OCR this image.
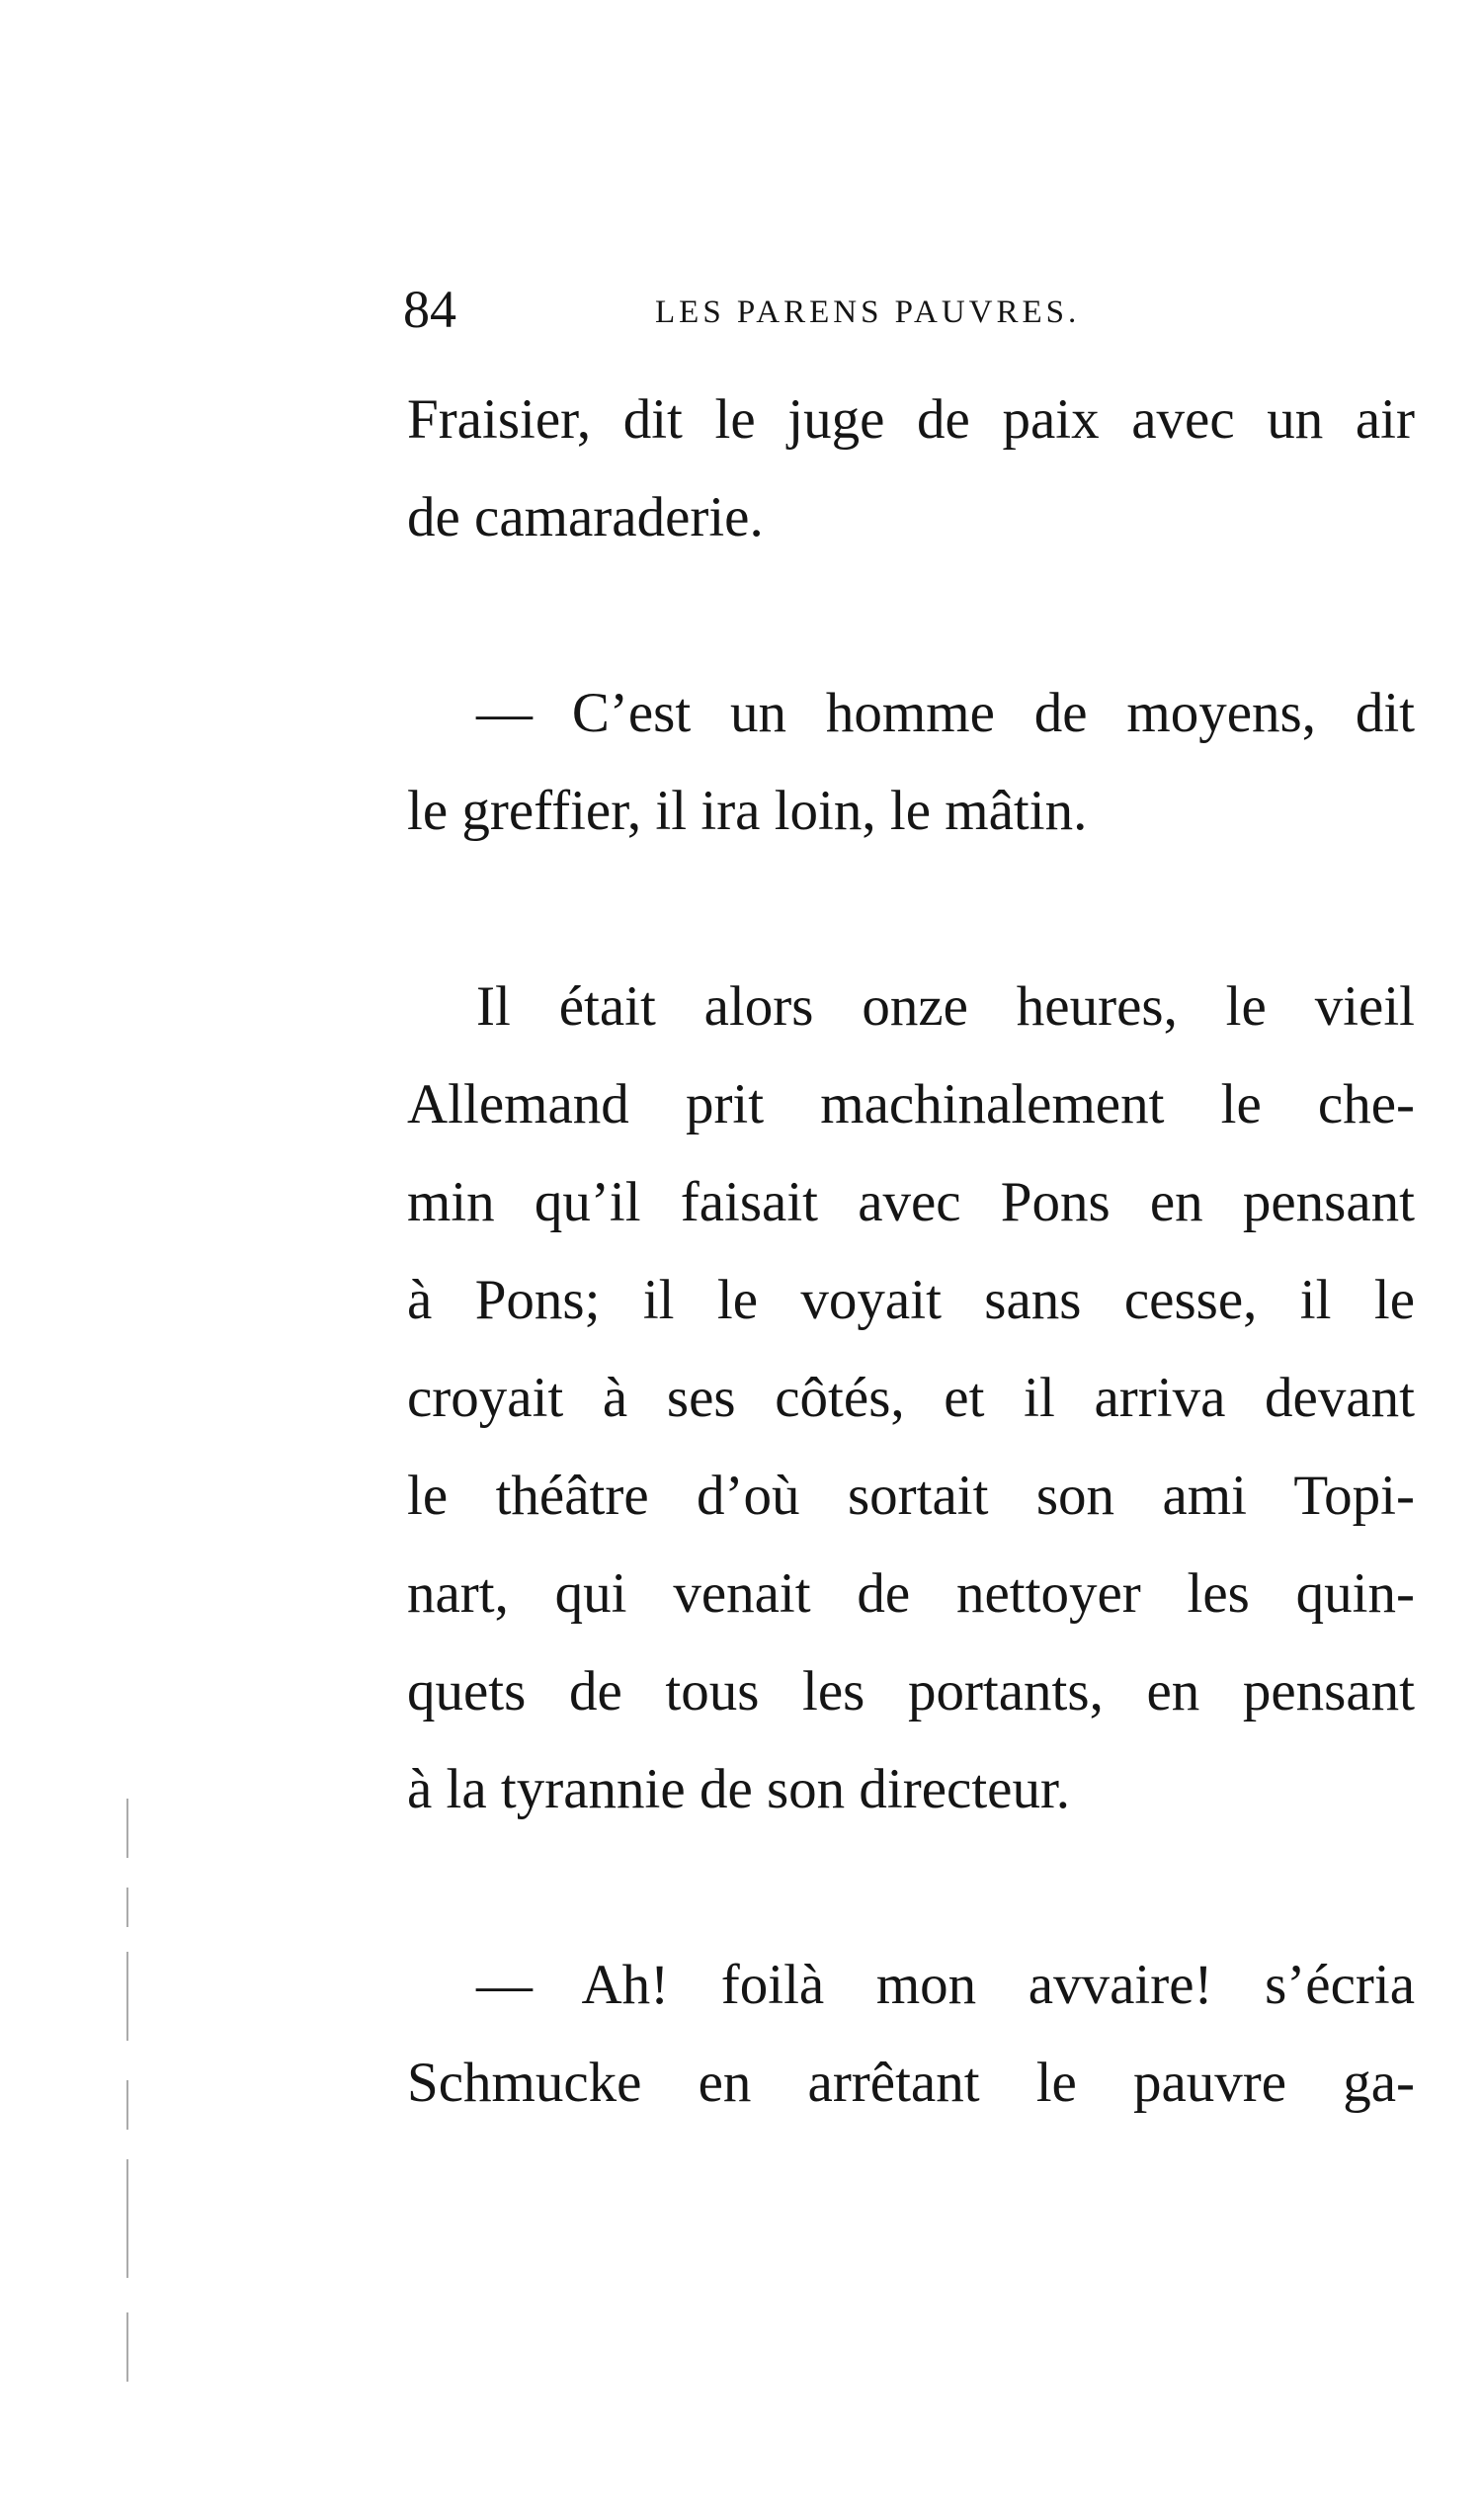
84	LES PARENS PAUVRES.
Fraisier, dit le juge de paix avec un air
de camaraderie.
— C’est un homme de moyens, dit
le greffier, il ira loin, le mâtin.
Il était alors onze heures, le vieil
Allemand prit machinalement le che-
min qu’il faisait avec Pons en pensant
à Pons; il le voyait sans cesse, il le
croyait à ses côtés, et il arriva devant
le théâtre d’où sortait son ami Topi-
nart, qui venait de nettoyer les quin-
quets de tous les portants, en pensant
à la tyrannie de son directeur.
— Ah! foilà mon avvaire! s’écria
Schmucke en arrêtant le pauvre ga-
